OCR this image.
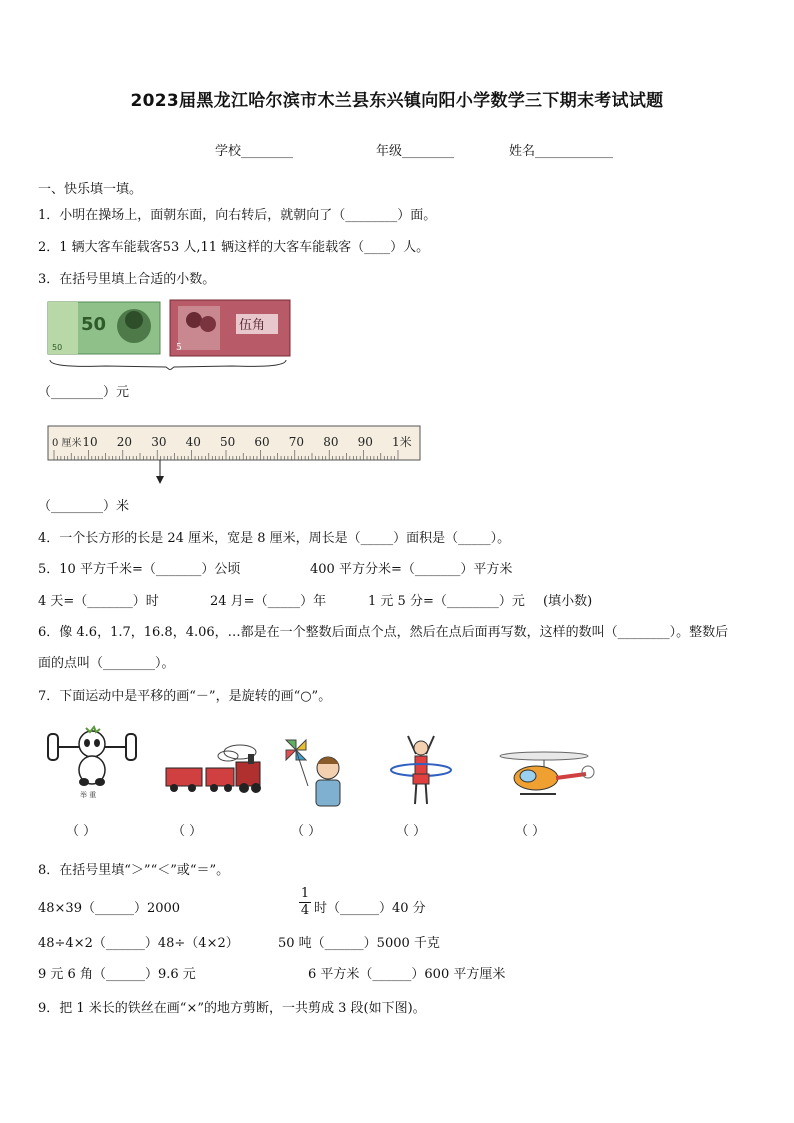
2023届黑龙江哈尔滨市木兰县东兴镇向阳小学数学三下期末考试试题
学校________	年级________	姓名____________
一、快乐填一填。
1．小明在操场上，面朝东面，向右转后，就朝向了（________）面。
2．1 辆大客车能载客53 人,11 辆这样的大客车能载客（____）人。
3．在括号里填上合适的小数。
50
50
伍角
5
（________）元
0 厘米 10 20 30 40 50 60 70 80 90 1米
（________）米
4．一个长方形的长是 24 厘米，宽是 8 厘米，周长是（_____）面积是（_____）。
5．10 平方千米=（_______）公顷	400 平方分米=（_______）平方米
4 天=（_______）时	24 月=（_____）年	1 元 5 分=（________）元 (填小数)
6．像 4.6，1.7，16.8，4.06，…都是在一个整数后面点个点，然后在点后面再写数，这样的数叫（________）。整数后
面的点叫（________）。
7．下面运动中是平移的画“－”，是旋转的画“○”。
举 重
（ ）	（ ）	（ ）	（ ）	（ ）
8．在括号里填“＞”“＜”或“＝”。
48×39（______）2000	$\frac{1}{4}$ 时（______）40 分
48÷4×2（______）48÷（4×2）	50 吨（______）5000 千克
9 元 6 角（______）9.6 元	6 平方米（______）600 平方厘米
9．把 1 米长的铁丝在画“×”的地方剪断，一共剪成 3 段(如下图)。
